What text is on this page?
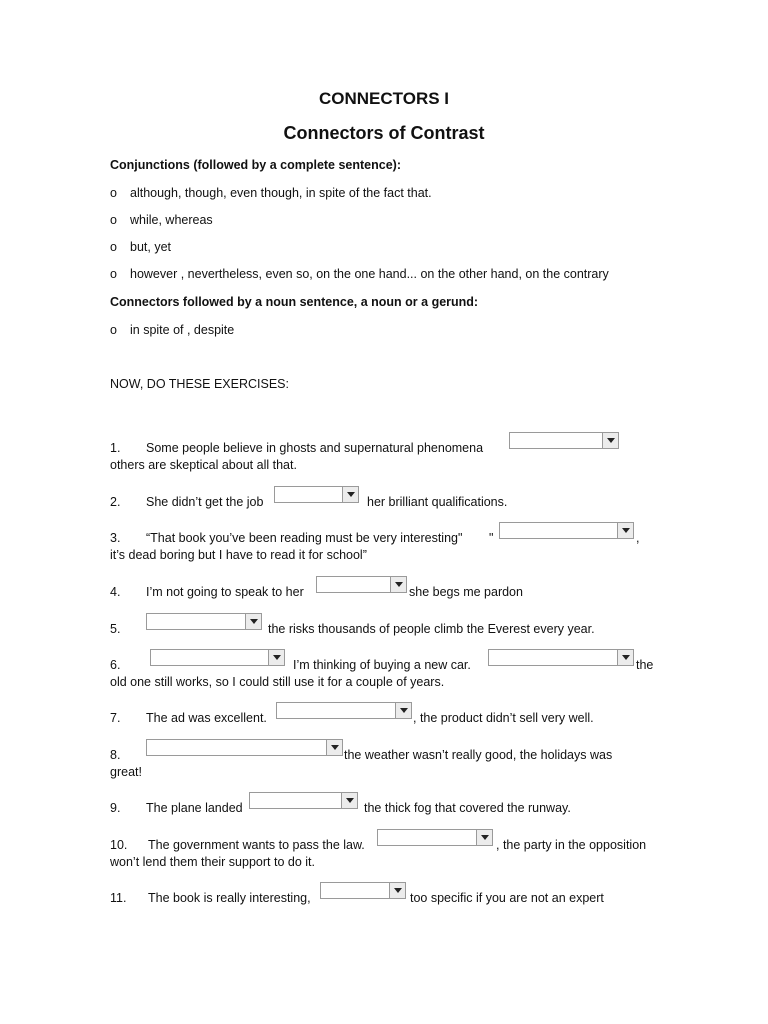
CONNECTORS I
Connectors of Contrast
Conjunctions (followed by a complete sentence):
o although, though, even though, in spite of the fact that.
o while, whereas
o but, yet
o however , nevertheless, even so, on the one hand... on the other hand, on the contrary
Connectors followed by a noun sentence, a noun or a gerund:
o in spite of , despite
NOW, DO THESE EXERCISES:
1. Some people believe in ghosts and supernatural phenomena
others are skeptical about all that.
2. She didn’t get the job	her brilliant qualifications.
3. “That book you’ve been reading must be very interesting" "	,
it’s dead boring but I have to read it for school”
4. I’m not going to speak to her	she begs me pardon
5.	the risks thousands of people climb the Everest every year.
6.	I’m thinking of buying a new car.	the
old one still works, so I could still use it for a couple of years.
7. The ad was excellent.	, the product didn’t sell very well.
8.	the weather wasn’t really good, the holidays was
great!
9. The plane landed	the thick fog that covered the runway.
10. The government wants to pass the law.	, the party in the opposition
won’t lend them their support to do it.
11. The book is really interesting,	too specific if you are not an expert
